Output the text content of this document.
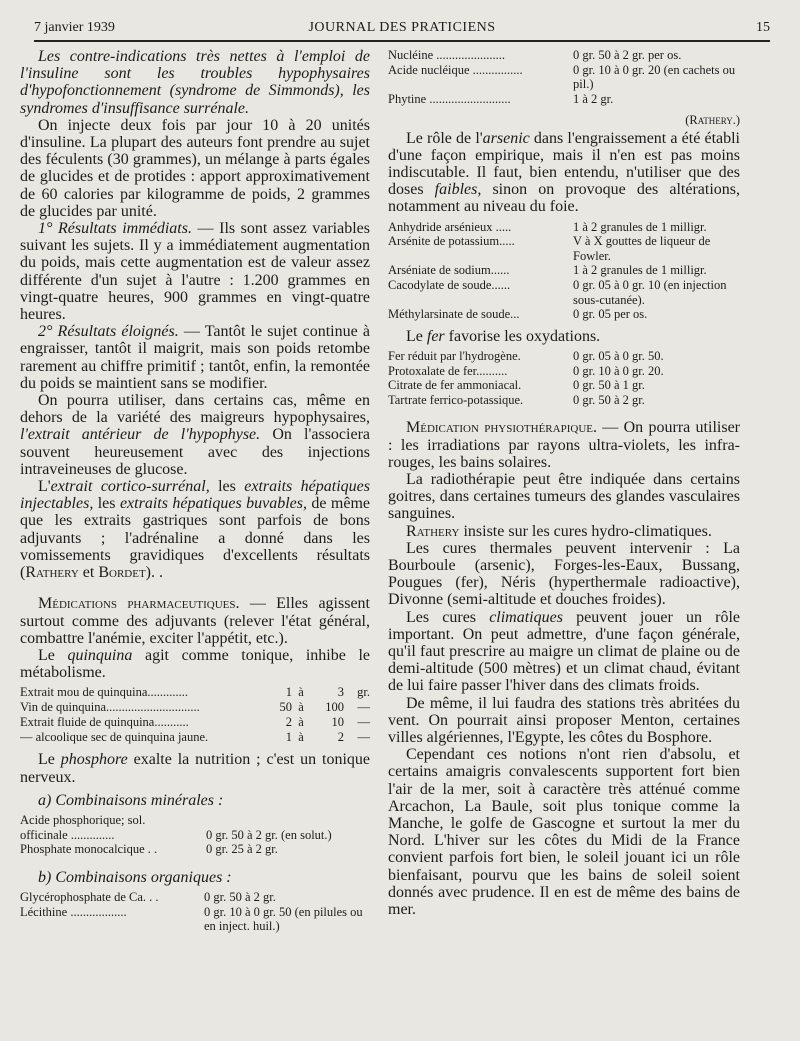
7 janvier 1939	JOURNAL DES PRATICIENS	15

Les contre-indications très nettes à l'emploi de l'insuline sont les troubles hypophysaires d'hypofonctionnement (syndrome de Simmonds), les syndromes d'insuffisance surrénale.

On injecte deux fois par jour 10 à 20 unités d'insuline. La plupart des auteurs font prendre au sujet des féculents (30 grammes), un mélange à parts égales de glucides et de protides : apport approximativement de 60 calories par kilogramme de poids, 2 grammes de glucides par unité.

1° Résultats immédiats. — Ils sont assez variables suivant les sujets. Il y a immédiatement augmentation du poids, mais cette augmentation est de valeur assez différente d'un sujet à l'autre : 1.200 grammes en vingt-quatre heures, 900 grammes en vingt-quatre heures.

2° Résultats éloignés. — Tantôt le sujet continue à engraisser, tantôt il maigrit, mais son poids retombe rarement au chiffre primitif ; tantôt, enfin, la remontée du poids se maintient sans se modifier.

On pourra utiliser, dans certains cas, même en dehors de la variété des maigreurs hypophysaires, l'extrait antérieur de l'hypophyse. On l'associera souvent heureusement avec des injections intraveineuses de glucose.

L'extrait cortico-surrénal, les extraits hépatiques injectables, les extraits hépatiques buvables, de même que les extraits gastriques sont parfois de bons adjuvants ; l'adrénaline a donné dans les vomissements gravidiques d'excellents résultats (Rathery et Bordet). .

Médications pharmaceutiques. — Elles agissent surtout comme des adjuvants (relever l'état général, combattre l'anémie, exciter l'appétit, etc.).

Le quinquina agit comme tonique, inhibe le métabolisme.

Extrait mou de quinquina.............	1 à	3	gr.
Vin de quinquina..............................	50 à	100	—
Extrait fluide de quinquina...........	2 à	10	—
— alcoolique sec de quinquina jaune.	1 à	2	—

Le phosphore exalte la nutrition ; c'est un tonique nerveux.

a) Combinaisons minérales :

Acide phosphorique; sol.
officinale ..............	0 gr. 50 à 2 gr. (en solut.)
Phosphate monocalcique . .	0 gr. 25 à 2 gr.

b) Combinaisons organiques :

Glycérophosphate de Ca. . .	0 gr. 50 à 2 gr.
Lécithine ..................	0 gr. 10 à 0 gr. 50 (en pilules ou en inject. huil.)
Nucléine ......................	0 gr. 50 à 2 gr. per os.
Acide nucléique ................	0 gr. 10 à 0 gr. 20 (en cachets ou pil.)
Phytine ..........................	1 à 2 gr.
(Rathery.)

Le rôle de l'arsenic dans l'engraissement a été établi d'une façon empirique, mais il n'en est pas moins indiscutable. Il faut, bien entendu, n'utiliser que des doses faibles, sinon on provoque des altérations, notamment au niveau du foie.

Anhydride arsénieux .....	1 à 2 granules de 1 milligr.
Arsénite de potassium.....	V à X gouttes de liqueur de Fowler.
Arséniate de sodium......	1 à 2 granules de 1 milligr.
Cacodylate de soude......	0 gr. 05 à 0 gr. 10 (en injection sous-cutanée).
Méthylarsinate de soude...	0 gr. 05 per os.

Le fer favorise les oxydations.

Fer réduit par l'hydrogène.	0 gr. 05 à 0 gr. 50.
Protoxalate de fer..........	0 gr. 10 à 0 gr. 20.
Citrate de fer ammoniacal.	0 gr. 50 à 1 gr.
Tartrate ferrico-potassique.	0 gr. 50 à 2 gr.

Médication physiothérapique. — On pourra utiliser : les irradiations par rayons ultra-violets, les infra-rouges, les bains solaires.

La radiothérapie peut être indiquée dans certains goitres, dans certaines tumeurs des glandes vasculaires sanguines.

Rathery insiste sur les cures hydro-climatiques.

Les cures thermales peuvent intervenir : La Bourboule (arsenic), Forges-les-Eaux, Bussang, Pougues (fer), Néris (hyperthermale radioactive), Divonne (semi-altitude et douches froides).

Les cures climatiques peuvent jouer un rôle important. On peut admettre, d'une façon générale, qu'il faut prescrire au maigre un climat de plaine ou de demi-altitude (500 mètres) et un climat chaud, évitant de lui faire passer l'hiver dans des climats froids.

De même, il lui faudra des stations très abritées du vent. On pourrait ainsi proposer Menton, certaines villes algériennes, l'Egypte, les côtes du Bosphore.

Cependant ces notions n'ont rien d'absolu, et certains amaigris convalescents supportent fort bien l'air de la mer, soit à caractère très atténué comme Arcachon, La Baule, soit plus tonique comme la Manche, le golfe de Gascogne et surtout la mer du Nord. L'hiver sur les côtes du Midi de la France convient parfois fort bien, le soleil jouant ici un rôle bienfaisant, pourvu que les bains de soleil soient donnés avec prudence. Il en est de même des bains de mer.
